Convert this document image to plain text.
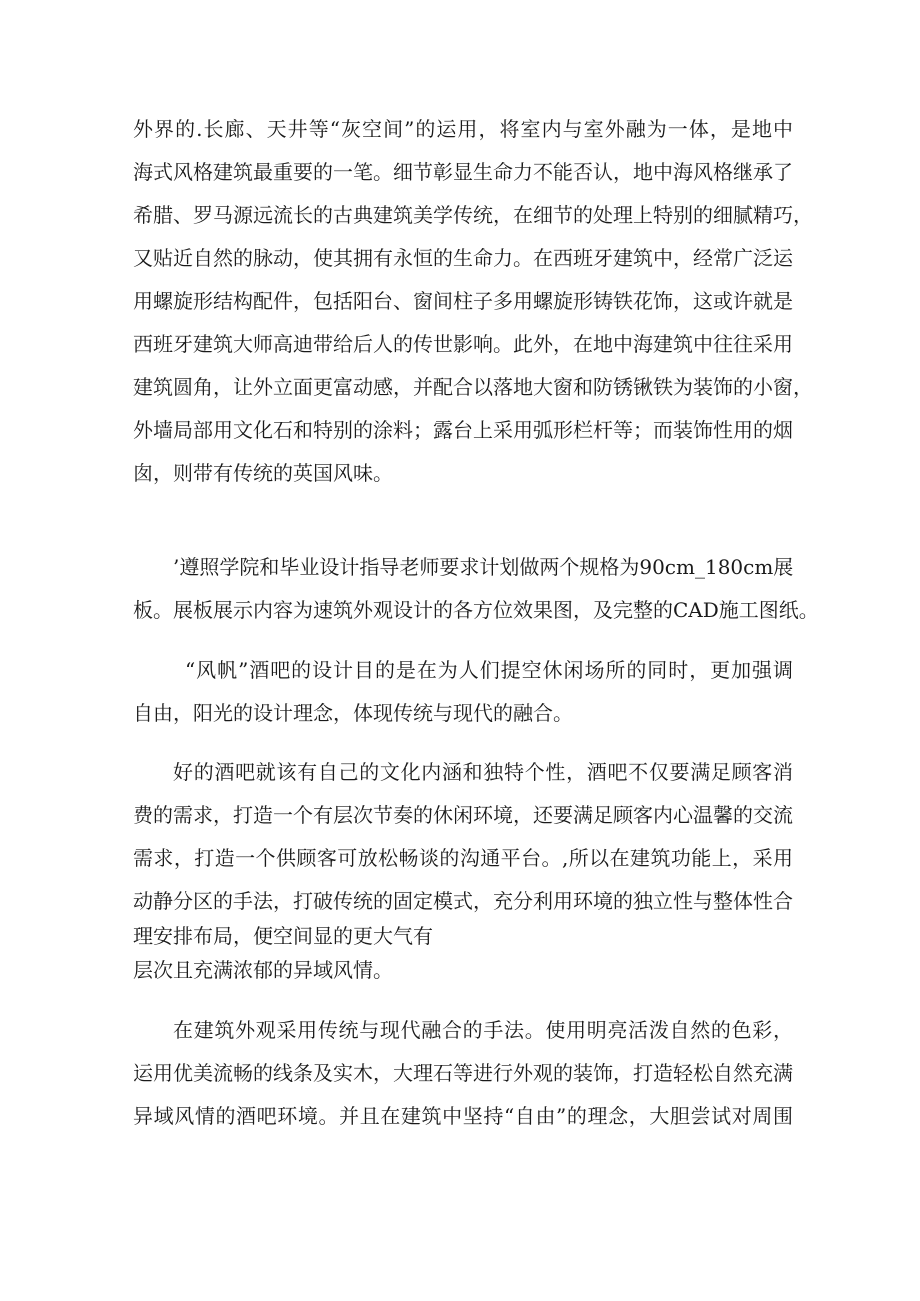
外界的.长廊、天井等“灰空间”的运用，将室内与室外融为一体，是地中
海式风格建筑最重要的一笔。细节彰显生命力不能否认，地中海风格继承了
希腊、罗马源远流长的古典建筑美学传统，在细节的处理上特别的细腻精巧，
又贴近自然的脉动，使其拥有永恒的生命力。在西班牙建筑中，经常广泛运
用螺旋形结构配件，包括阳台、窗间柱子多用螺旋形铸铁花饰，这或许就是
西班牙建筑大师高迪带给后人的传世影响。此外，在地中海建筑中往往采用
建筑圆角，让外立面更富动感，并配合以落地大窗和防锈锹铁为装饰的小窗，
外墙局部用文化石和特别的涂料；露台上采用弧形栏杆等；而装饰性用的烟
囱，则带有传统的英国风味。
’遵照学院和毕业设计指导老师要求计划做两个规格为90cm_180cm展
板。展板展示内容为速筑外观设计的各方位效果图，及完整的CAD施工图纸。
“风帆”酒吧的设计目的是在为人们提空休闲场所的同时，更加强调
自由，阳光的设计理念，体现传统与现代的融合。
好的酒吧就该有自己的文化内涵和独特个性，酒吧不仅要满足顾客消
费的需求，打造一个有层次节奏的休闲环境，还要满足顾客内心温馨的交流
需求，打造一个供顾客可放松畅谈的沟通平台。,所以在建筑功能上，采用
动静分区的手法，打破传统的固定模式，充分利用环境的独立性与整体性合
理安排布局，便空间显的更大气有
层次且充满浓郁的异域风情。
在建筑外观采用传统与现代融合的手法。使用明亮活泼自然的色彩，
运用优美流畅的线条及实木，大理石等进行外观的装饰，打造轻松自然充满
异域风情的酒吧环境。并且在建筑中坚持“自由”的理念，大胆尝试对周围
